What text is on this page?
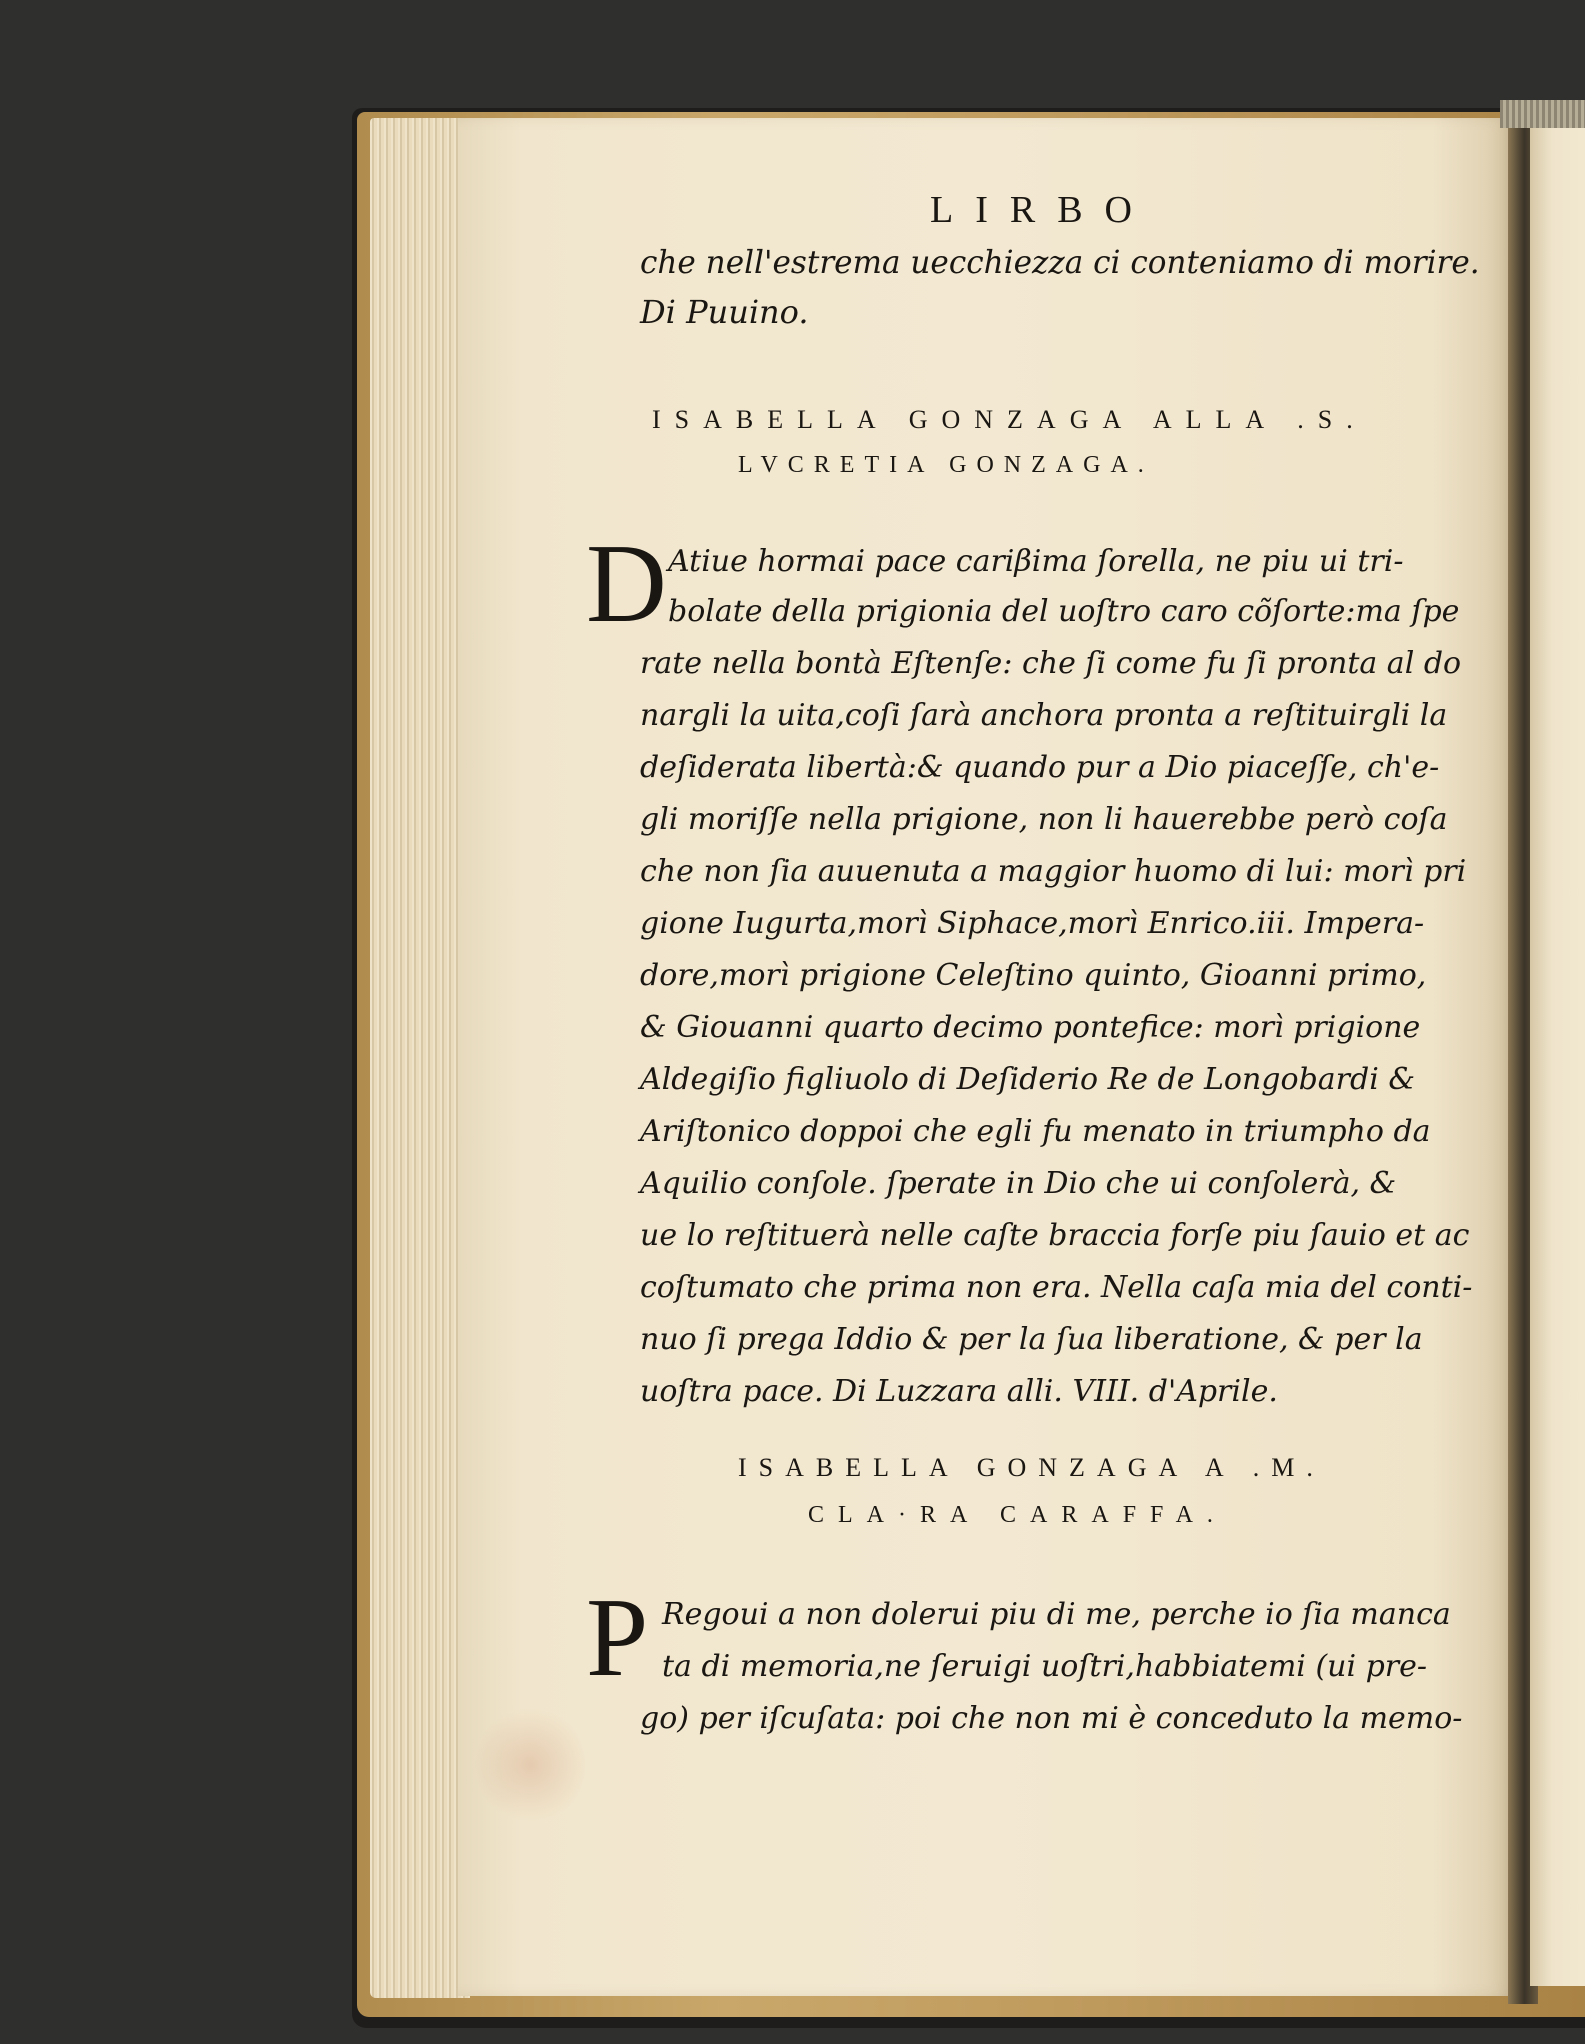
LIRBO
che nell'estrema uecchiezza ci conteniamo di morire.
Di Puuino.
ISABELLA GONZAGA ALLA .S.
LVCRETIA GONZAGA.
D Atiue hormai pace cariβima ſorella, ne piu ui tri-
bolate della prigionia del uoſtro caro cõſorte:ma ſpe
rate nella bontà Eſtenſe: che ſi come fu ſi pronta al do
nargli la uita,coſi ſarà anchora pronta a reſtituirgli la
deſiderata libertà:& quando pur a Dio piaceſſe, ch'e-
gli moriſſe nella prigione, non li hauerebbe però coſa
che non ſia auuenuta a maggior huomo di lui: morì pri
gione Iugurta,morì Siphace,morì Enrico.iii. Impera-
dore,morì prigione Celeſtino quinto, Gioanni primo,
& Giouanni quarto decimo pontefice: morì prigione
Aldegiſio figliuolo di Deſiderio Re de Longobardi &
Ariſtonico doppoi che egli fu menato in triumpho da
Aquilio conſole. ſperate in Dio che ui conſolerà, &
ue lo reſtituerà nelle caſte braccia forſe piu ſauio et ac
coſtumato che prima non era. Nella caſa mia del conti-
nuo ſi prega Iddio & per la ſua liberatione, & per la
uoſtra pace. Di Luzzara alli. VIII. d'Aprile.
ISABELLA GONZAGA A .M.
CLA·RA CARAFFA.
P Regoui a non dolerui piu di me, perche io ſia manca
ta di memoria,ne ſeruigi uoſtri,habbiatemi (ui pre-
go) per iſcuſata: poi che non mi è conceduto la memo-
